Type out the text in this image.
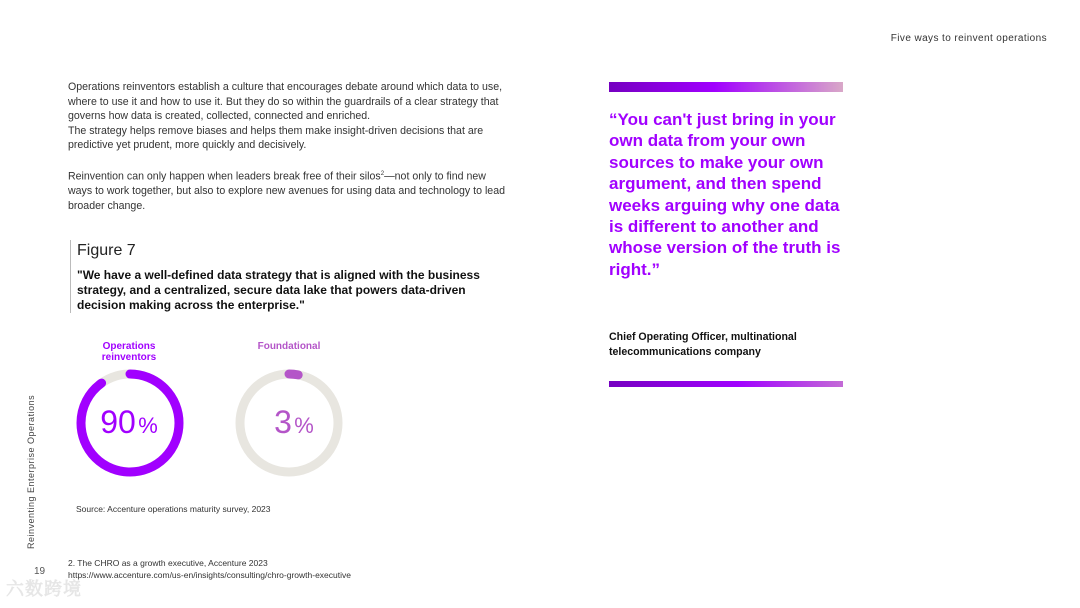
Five ways to reinvent operations
Reinventing Enterprise Operations
19

Operations reinventors establish a culture that encourages debate around which data to use, where to use it and how to use it. But they do so within the guardrails of a clear strategy that governs how data is created, collected, connected and enriched.

The strategy helps remove biases and helps them make insight-driven decisions that are predictive yet prudent, more quickly and decisively.

Reinvention can only happen when leaders break free of their silos$^2$—not only to find new ways to work together, but also to explore new avenues for using data and technology to lead broader change.

Figure 7
"We have a well-defined data strategy that is aligned with the business strategy, and a centralized, secure data lake that powers data-driven decision making across the enterprise."
Operations reinventors
90 %
Foundational
3 %
Source: Accenture operations maturity survey, 2023
2. The CHRO as a growth executive, Accenture 2023
https://www.accenture.com/us-en/insights/consulting/chro-growth-executive
“You can't just bring in your own data from your own sources to make your own argument, and then spend weeks arguing why one data is different to another and whose version of the truth is right.”
Chief Operating Officer, multinational telecommunications company
六数跨境
